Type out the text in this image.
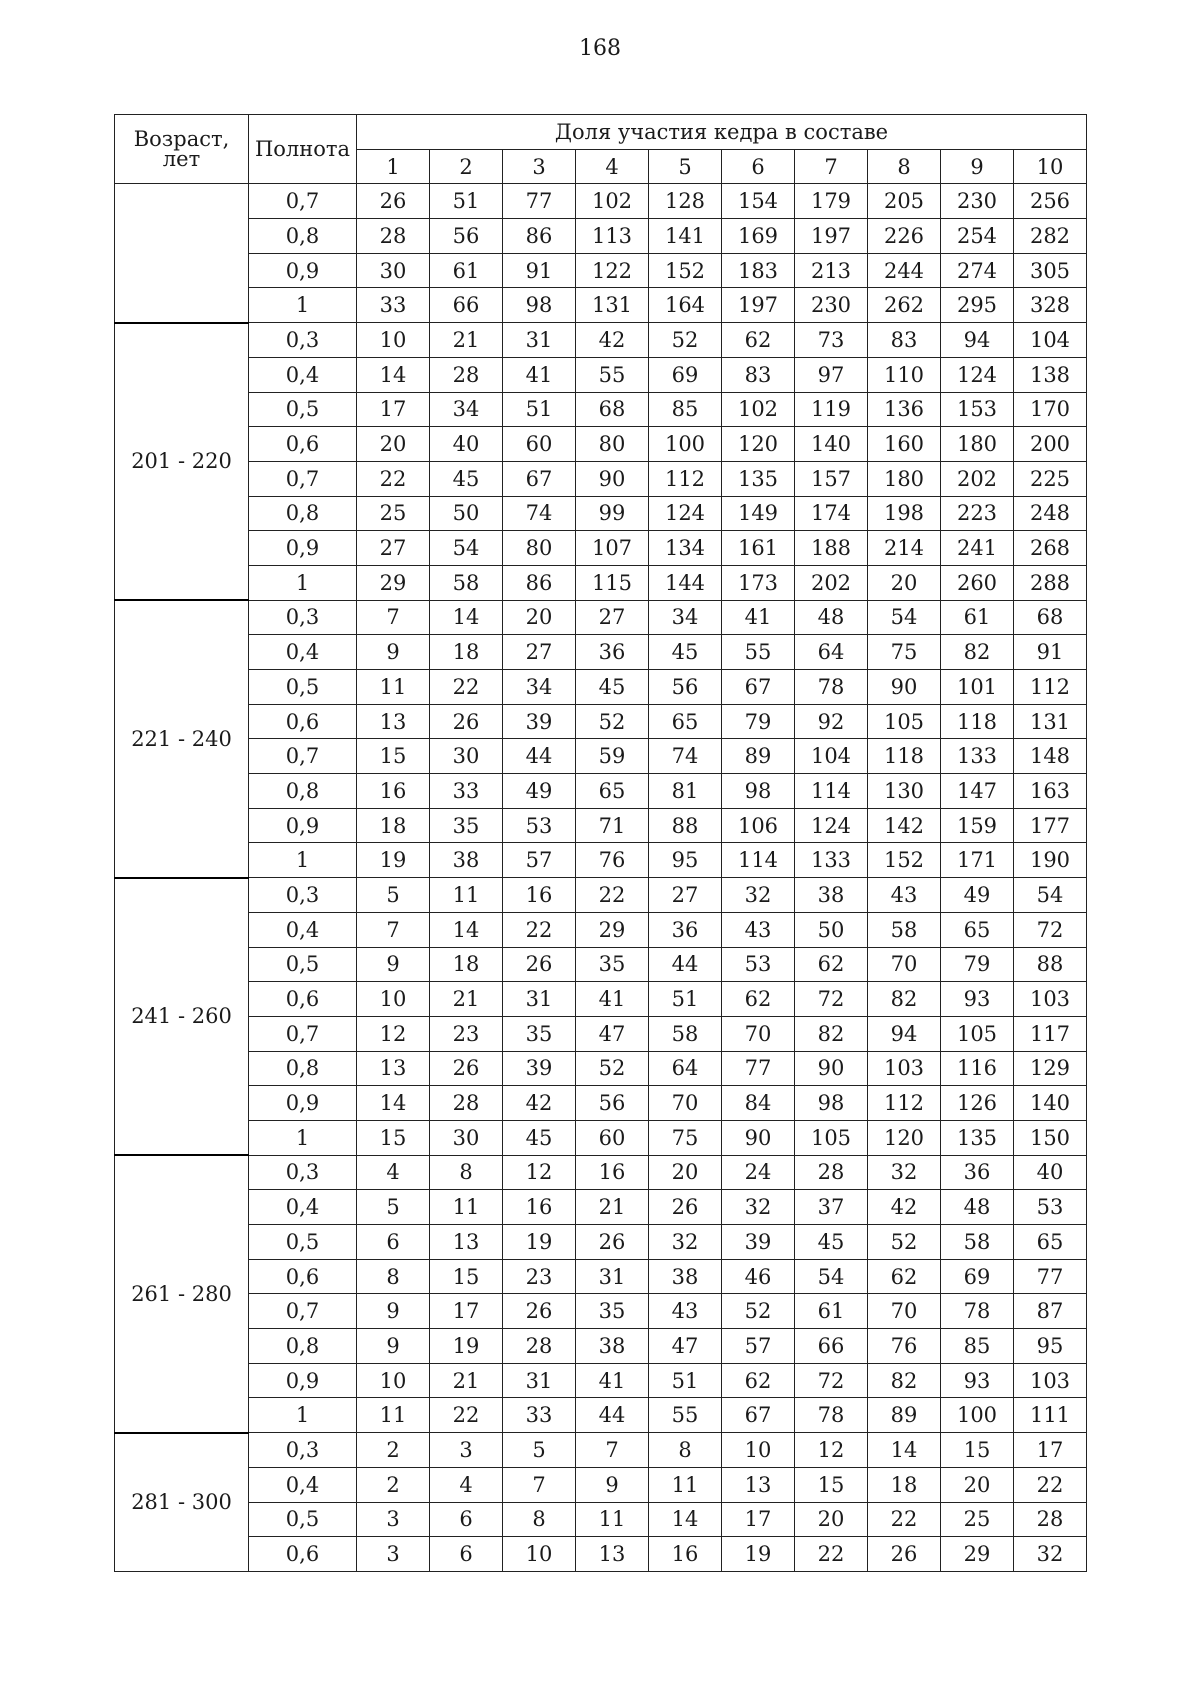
168
Возраст, лет	Полнота	Доля участия кедра в составе									
		1	2	3	4	5	6	7	8	9	10
	0,7	26	51	77	102	128	154	179	205	230	256
	0,8	28	56	86	113	141	169	197	226	254	282
	0,9	30	61	91	122	152	183	213	244	274	305
	1	33	66	98	131	164	197	230	262	295	328
201 - 220	0,3	10	21	31	42	52	62	73	83	94	104
	0,4	14	28	41	55	69	83	97	110	124	138
	0,5	17	34	51	68	85	102	119	136	153	170
	0,6	20	40	60	80	100	120	140	160	180	200
	0,7	22	45	67	90	112	135	157	180	202	225
	0,8	25	50	74	99	124	149	174	198	223	248
	0,9	27	54	80	107	134	161	188	214	241	268
	1	29	58	86	115	144	173	202	20	260	288
221 - 240	0,3	7	14	20	27	34	41	48	54	61	68
	0,4	9	18	27	36	45	55	64	75	82	91
	0,5	11	22	34	45	56	67	78	90	101	112
	0,6	13	26	39	52	65	79	92	105	118	131
	0,7	15	30	44	59	74	89	104	118	133	148
	0,8	16	33	49	65	81	98	114	130	147	163
	0,9	18	35	53	71	88	106	124	142	159	177
	1	19	38	57	76	95	114	133	152	171	190
241 - 260	0,3	5	11	16	22	27	32	38	43	49	54
	0,4	7	14	22	29	36	43	50	58	65	72
	0,5	9	18	26	35	44	53	62	70	79	88
	0,6	10	21	31	41	51	62	72	82	93	103
	0,7	12	23	35	47	58	70	82	94	105	117
	0,8	13	26	39	52	64	77	90	103	116	129
	0,9	14	28	42	56	70	84	98	112	126	140
	1	15	30	45	60	75	90	105	120	135	150
261 - 280	0,3	4	8	12	16	20	24	28	32	36	40
	0,4	5	11	16	21	26	32	37	42	48	53
	0,5	6	13	19	26	32	39	45	52	58	65
	0,6	8	15	23	31	38	46	54	62	69	77
	0,7	9	17	26	35	43	52	61	70	78	87
	0,8	9	19	28	38	47	57	66	76	85	95
	0,9	10	21	31	41	51	62	72	82	93	103
	1	11	22	33	44	55	67	78	89	100	111
281 - 300	0,3	2	3	5	7	8	10	12	14	15	17
	0,4	2	4	7	9	11	13	15	18	20	22
	0,5	3	6	8	11	14	17	20	22	25	28
	0,6	3	6	10	13	16	19	22	26	29	32
